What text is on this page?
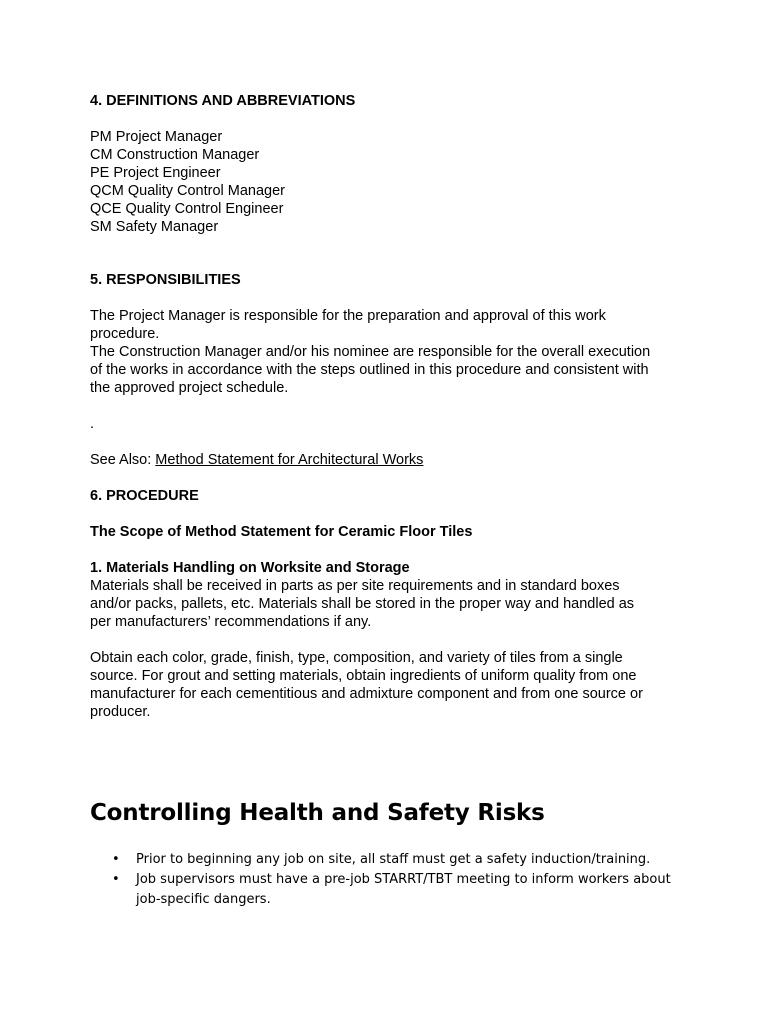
4. DEFINITIONS AND ABBREVIATIONS

PM Project Manager

CM Construction Manager

PE Project Engineer

QCM Quality Control Manager

QCE Quality Control Engineer

SM Safety Manager

5. RESPONSIBILITIES

The Project Manager is responsible for the preparation and approval of this work

procedure.

The Construction Manager and/or his nominee are responsible for the overall execution

of the works in accordance with the steps outlined in this procedure and consistent with

the approved project schedule.

.

See Also: Method Statement for Architectural Works

6. PROCEDURE

The Scope of Method Statement for Ceramic Floor Tiles

1. Materials Handling on Worksite and Storage

Materials shall be received in parts as per site requirements and in standard boxes

and/or packs, pallets, etc. Materials shall be stored in the proper way and handled as

per manufacturers’ recommendations if any.

Obtain each color, grade, finish, type, composition, and variety of tiles from a single

source. For grout and setting materials, obtain ingredients of uniform quality from one

manufacturer for each cementitious and admixture component and from one source or

producer.

Controlling Health and Safety Risks
• Prior to beginning any job on site, all staff must get a safety induction/training.
• Job supervisors must have a pre-job STARRT/TBT meeting to inform workers about job-specific dangers.
